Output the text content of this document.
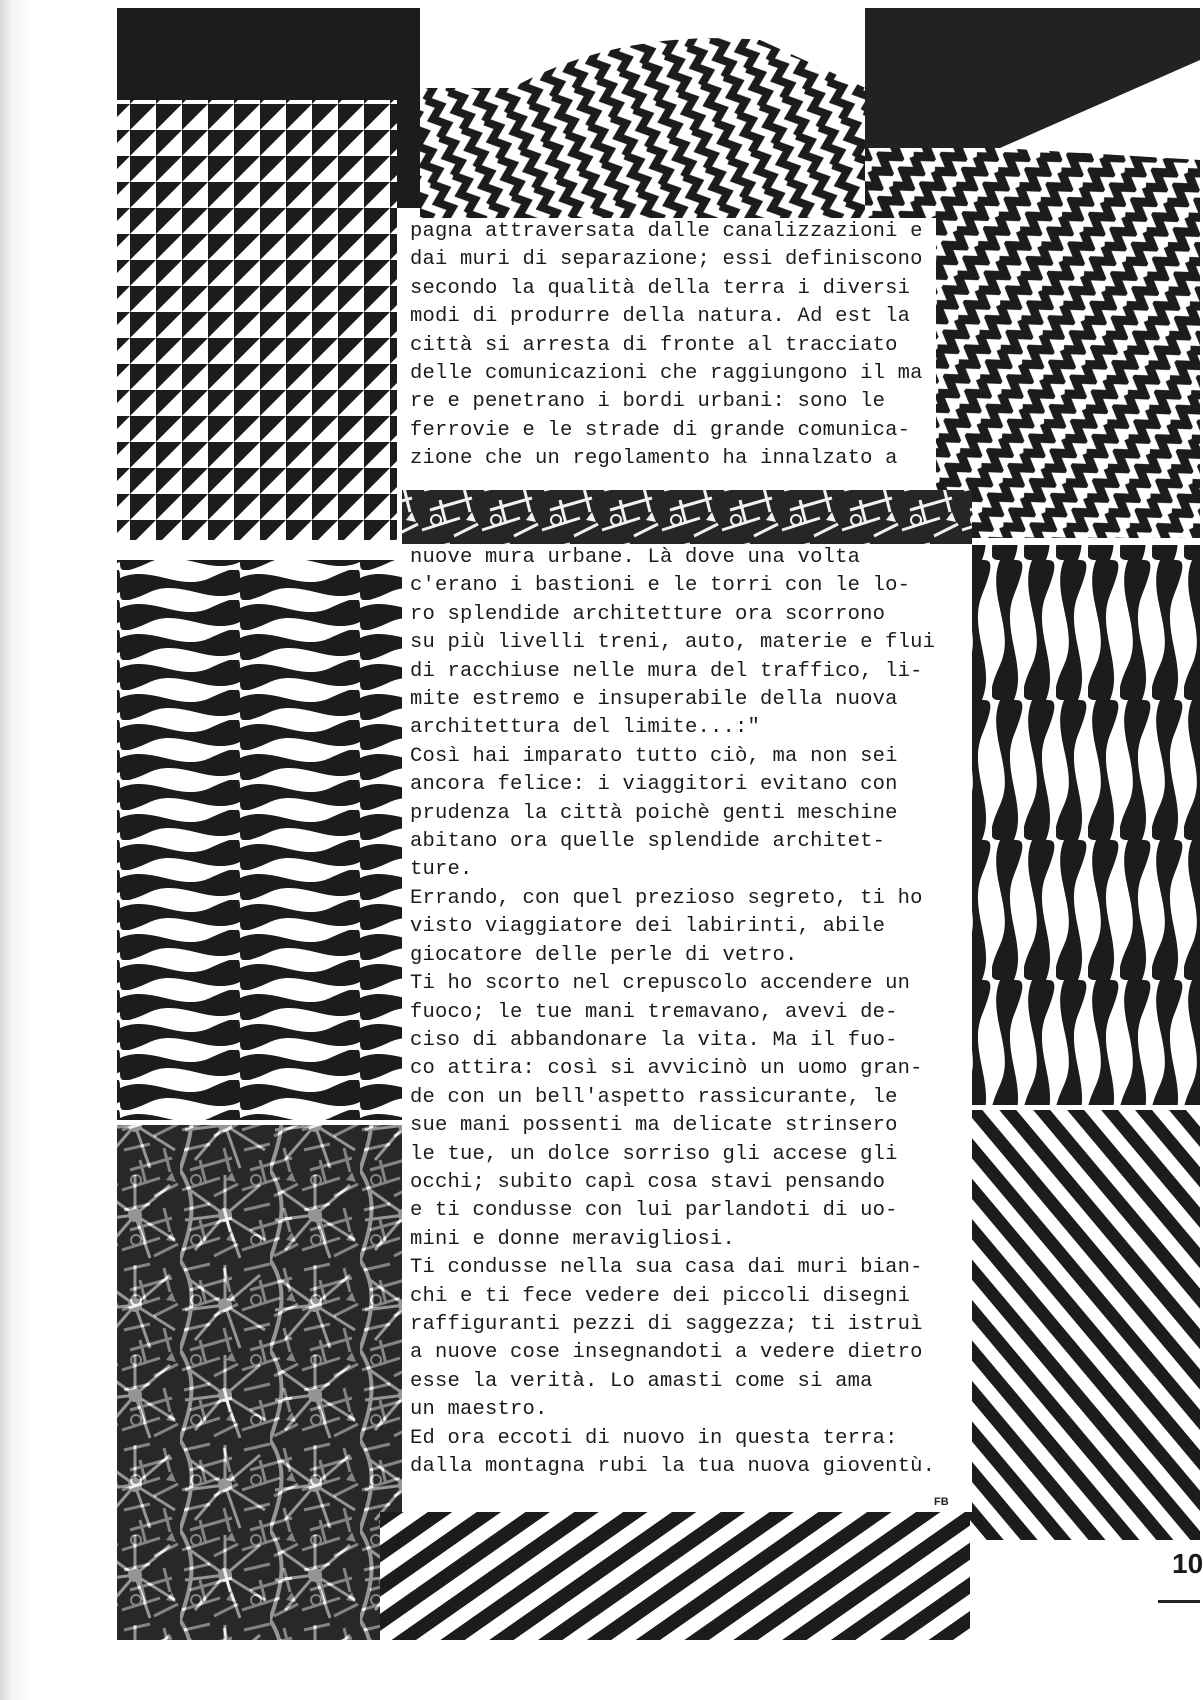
pagna attraversata dalle canalizzazioni e
dai muri di separazione; essi definiscono
secondo la qualità della terra i diversi
modi di produrre della natura. Ad est la
città si arresta di fronte al tracciato
delle comunicazioni che raggiungono il ma
re e penetrano i bordi urbani: sono le
ferrovie e le strade di grande comunica-
zione che un regolamento ha innalzato a
nuove mura urbane. Là dove una volta
c'erano i bastioni e le torri con le lo-
ro splendide architetture ora scorrono
su più livelli treni, auto, materie e flui
di racchiuse nelle mura del traffico, li-
mite estremo e insuperabile della nuova
architettura del limite...:"
Così hai imparato tutto ciò, ma non sei
ancora felice: i viaggitori evitano con
prudenza la città poichè genti meschine
abitano ora quelle splendide architet-
ture.
Errando, con quel prezioso segreto, ti ho
visto viaggiatore dei labirinti, abile
giocatore delle perle di vetro.
Ti ho scorto nel crepuscolo accendere un
fuoco; le tue mani tremavano, avevi de-
ciso di abbandonare la vita. Ma il fuo-
co attira: così si avvicinò un uomo gran-
de con un bell'aspetto rassicurante, le
sue mani possenti ma delicate strinsero
le tue, un dolce sorriso gli accese gli
occhi; subito capì cosa stavi pensando
e ti condusse con lui parlandoti di uo-
mini e donne meravigliosi.
Ti condusse nella sua casa dai muri bian-
chi e ti fece vedere dei piccoli disegni
raffiguranti pezzi di saggezza; ti istruì
a nuove cose insegnandoti a vedere dietro
esse la verità. Lo amasti come si ama
un maestro.
Ed ora eccoti di nuovo in questa terra:
dalla montagna rubi la tua nuova gioventù.
FB
10
